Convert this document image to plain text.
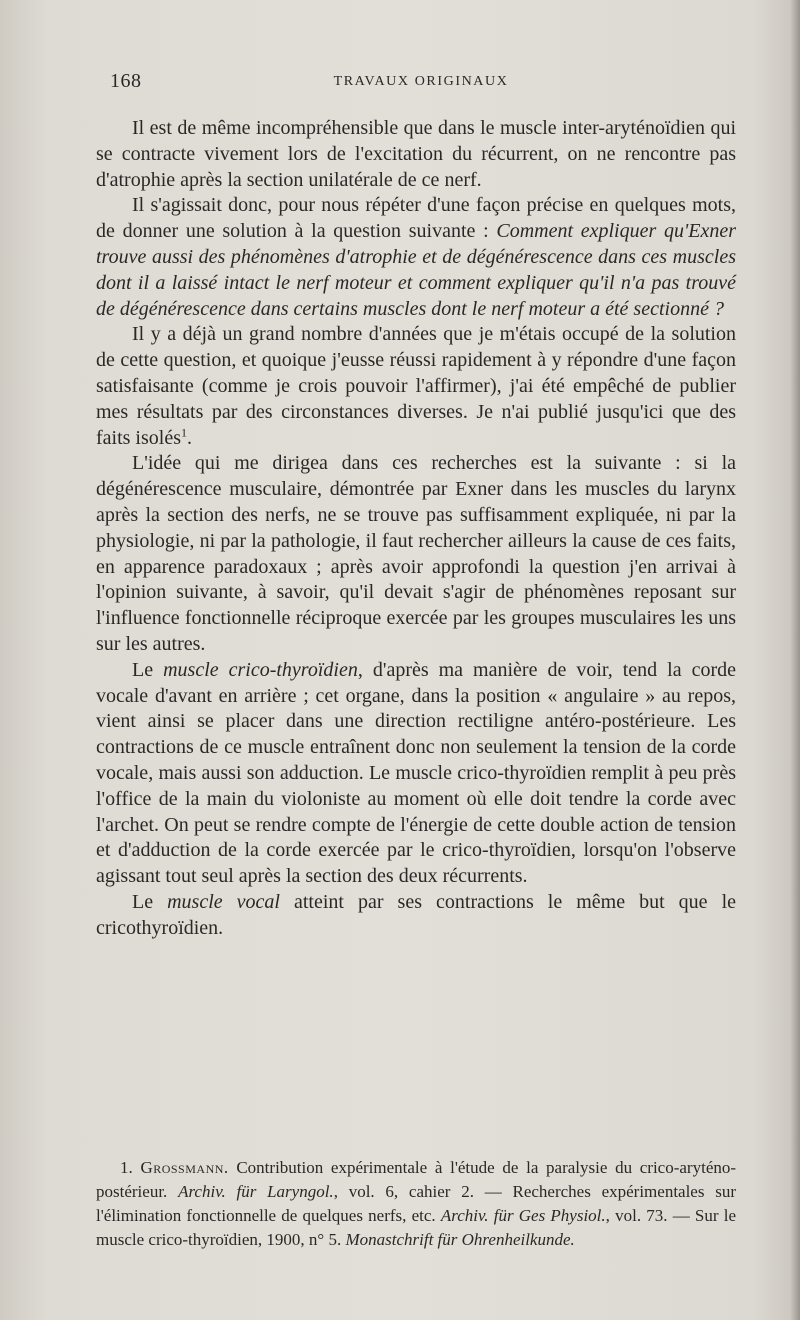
168	TRAVAUX ORIGINAUX

Il est de même incompréhensible que dans le muscle inter-aryténoïdien qui se contracte vivement lors de l'excitation du récurrent, on ne rencontre pas d'atrophie après la section unilatérale de ce nerf.

Il s'agissait donc, pour nous répéter d'une façon précise en quelques mots, de donner une solution à la question suivante : Comment expliquer qu'Exner trouve aussi des phénomènes d'atrophie et de dégénérescence dans ces muscles dont il a laissé intact le nerf moteur et comment expliquer qu'il n'a pas trouvé de dégénérescence dans certains muscles dont le nerf moteur a été sectionné ?

Il y a déjà un grand nombre d'années que je m'étais occupé de la solution de cette question, et quoique j'eusse réussi rapidement à y répondre d'une façon satisfaisante (comme je crois pouvoir l'affirmer), j'ai été empêché de publier mes résultats par des circonstances diverses. Je n'ai publié jusqu'ici que des faits isolés$^1$.

L'idée qui me dirigea dans ces recherches est la suivante : si la dégénérescence musculaire, démontrée par Exner dans les muscles du larynx après la section des nerfs, ne se trouve pas suffisamment expliquée, ni par la physiologie, ni par la pathologie, il faut rechercher ailleurs la cause de ces faits, en apparence paradoxaux ; après avoir approfondi la question j'en arrivai à l'opinion suivante, à savoir, qu'il devait s'agir de phénomènes reposant sur l'influence fonctionnelle réciproque exercée par les groupes musculaires les uns sur les autres.

Le muscle crico-thyroïdien, d'après ma manière de voir, tend la corde vocale d'avant en arrière ; cet organe, dans la position « angulaire » au repos, vient ainsi se placer dans une direction rectiligne antéro-postérieure. Les contractions de ce muscle entraînent donc non seulement la tension de la corde vocale, mais aussi son adduction. Le muscle crico-thyroïdien remplit à peu près l'office de la main du violoniste au moment où elle doit tendre la corde avec l'archet. On peut se rendre compte de l'énergie de cette double action de tension et d'adduction de la corde exercée par le crico-thyroïdien, lorsqu'on l'observe agissant tout seul après la section des deux récurrents.

Le muscle vocal atteint par ses contractions le même but que le cricothyroïdien.

1. Grossmann. Contribution expérimentale à l'étude de la paralysie du crico-aryténo-postérieur. Archiv. für Laryngol., vol. 6, cahier 2. — Recherches expérimentales sur l'élimination fonctionnelle de quelques nerfs, etc. Archiv. für Ges Physiol., vol. 73. — Sur le muscle crico-thyroïdien, 1900, n° 5. Monastchrift für Ohrenheilkunde.
